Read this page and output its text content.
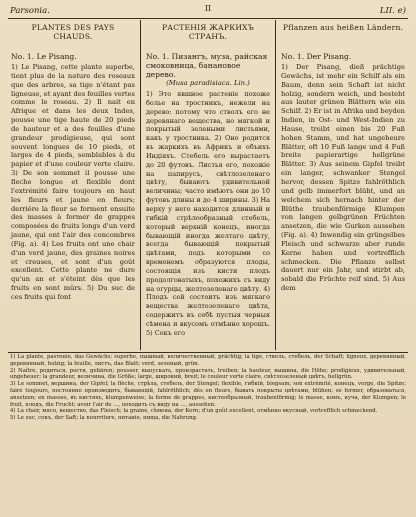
Parsonia.	II	LII. e)
PLANTES DES PAYS CHAUDS.
No. 1. Le Pisang.
1) Le Pisang, cette plante superbe, tient plus de la nature des roseaux que des arbres, sa tige n'étant pas ligneuse, et ayant des feuilles vertes comme le roseau. 2) Il nait en Afrique et dans les deux Indes, pousse une tige haute de 20 pieds de hauteur et a des feuilles d'une grandeur prodigieuse, qui sont souvent longues de 10 pieds, et larges de 4 pieds, semblables à du papier et d'une couleur verte claire. 3) De son sommet il pousse une fleche longue et flexible dont l'extrémité faire toujours en haut les fleurs et jaune en fleurs; derrière la fleur se forment ensuite des masses à former de grappes composées de fruits longs d'un verd jaune, qui ont l'air des concombres (Fig. a). 4) Les fruits ont une chair d'un verd jaune, des graines noires et creuses, et sont d'un goût excellent. Cette plante ne dure qu'un an et s'éteint dès que les fruits en sont mûrs. 5) Du suc de ces fruits qui font
РАСТЕНІЯ ЖАРКИХЪ СТРАНЪ.
No. 1. Пизангъ, муза, райская смоковница, банановое дерево.
(Musa paradisiaca. Lin.)
1) Это явшное растеніе похоже болье на тростникъ, нежели на дерево: потому что стволъ его не деревянаго вещества, но мягкой и покрытый зелеными листьями, какъ у тростника. 2) Оно родится въ жаркихъ въ Африкъ и объихъ Индіяхъ. Стебель его вырастаетъ до 20 футовъ. Листья его, похожіе на папирусъ, свѣтлозеленаго цвѣту, бываютъ удивительной величины; часто имѣютъ они до 10 футовъ длины и до 4 ширины. 3) На верху у него находится длинный и гибкій стрѣлообразный стебель, который верхній конецъ, иногда бывающій иногда желтаго цвѣту, всегда бывающій покрытый цвѣтами, подъ которыми со временемъ образуются плоды, состоящія изъ кисти плодъ продолговатыхъ, похожихъ съ виду на огурцы, желтозеленаго цвѣту. 4) Плодъ сей состоитъ изъ мягкаго вещества желтозеленаго цвѣта, содержитъ въ себѣ пустыя черныя сѣмена и вкусомъ отмѣнно хорошъ. 5) Сокъ его
Pflanzen aus heißen Ländern.
No. 1. Der Pisang.
1) Der Pisang, dieß prächtige Gewächs, ist mehr ein Schilf als ein Baum, denn sein Schaft ist nicht holzig, sondern weich, und besteht aus lauter grünen Blättern wie ein Schilf. 2) Er ist in Afrika und beyden Indien, in Ost- und West-Indien zu Hause, treibt einen bis 20 Fuß hohen Stamm, und hat ungeheure Blätter, oft 10 Fuß lange und 4 Fuß breite papierartige hellgrüne Blätter. 3) Aus seinem Gipfel treibt ein langer, schwanker Stengel hervor, dessen Spitze fahlröthlich und gelb immerfort blüht, und an welchem sich hernach hinter der Blüthe traubenförmige Klumpen von langen gelbgrünen Früchten ansetzen, die wie Gurken aussehen (Fig. a). 4) Inwendig ein grüngelbes Fleisch und schwarze aber runde Kerne haben und vortrefflich schmecken. Die Pflanze selbst dauert nur ein Jahr, und stirbt ab, sobald die Früchte reif sind. 5) Aus dem

1) La plante, pasтeніе, das Gewächs; superbe, пышный, величественный, prächtig; la tige, стволъ, стебель, der Schaft; ligneux, деревянный, деревянный, holzig; la feuille, листъ, das Blatt; verd, зеленый, grün.

2) Naître, родиться, рости, gebären; pousser, выпускать, произрастать, treiben; la hauteur, вышина, die Höhe; prodigieux, удивительный, ungeheuer; la grandeur, величина, die Größe; large, широкий, breit; le couleur verte claire, свѣтлозеленый цвѣтъ, hellgrün.

3) Le sommet, вершина, der Gipfel; la flèche, стрѣла, стебель, der Stengel; flexible, гибкій, biegsam; son extrémité, конецъ, verge, die Spitze; faire toujours, постоянно производить, бывающій, fahlröthlich; dès en fleurs, бывать покрыты цвѣтами, blühen; se former, образоваться, ansetzen; en masses, въ кистяхъ, klumpenweise; la forme de grappes, кистеобразный, traubenförmig; le masse, комъ, куча, der Klumpen; le fruit, плодъ, die Frucht; avoir l'air de ..., походить съ виду на ..., aussehen.

4) La chair, мясо, вещество, das Fleisch; la graine, сѣмена, der Kern; d'un goût excellent, отмѣнно вкусный, vortrefflich schmeckend.

5) Le suc, сокъ, der Saft; la nourriture, питаніе, пища, die Nahrung.
